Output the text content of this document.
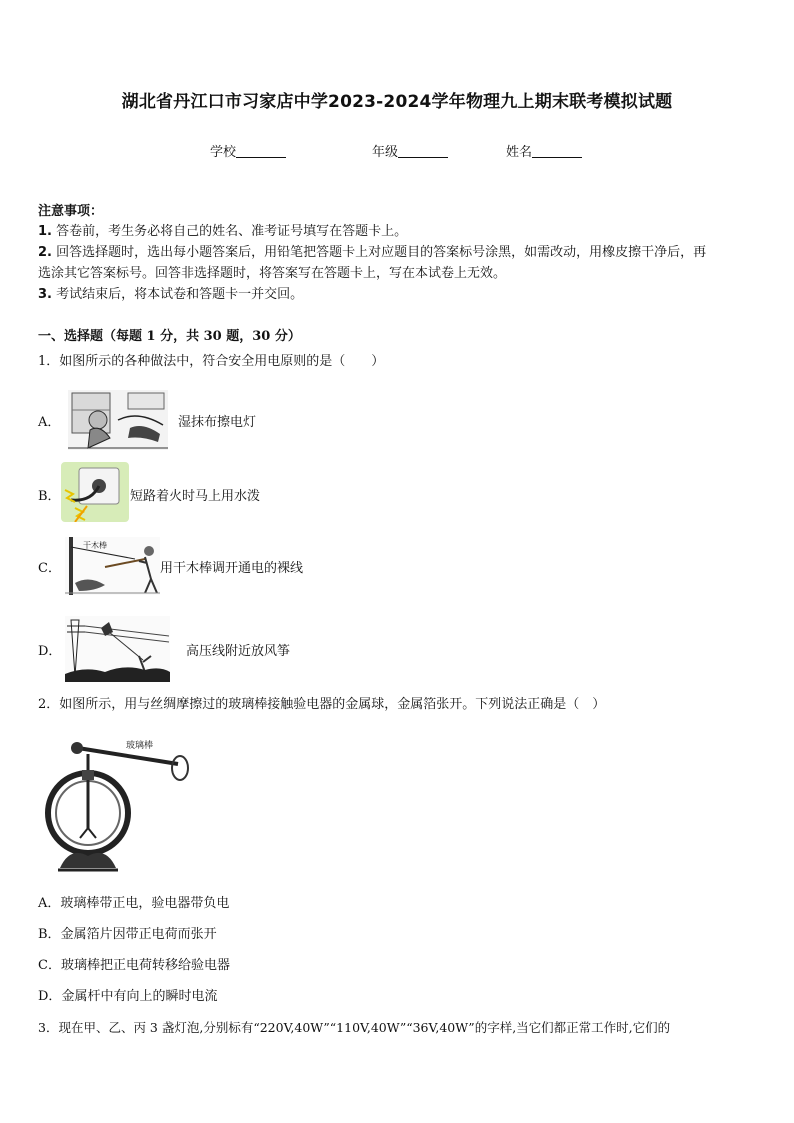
湖北省丹江口市习家店中学2023-2024学年物理九上期末联考模拟试题
学校	年级	姓名
注意事项：
1. 答卷前，考生务必将自己的姓名、准考证号填写在答题卡上。
2. 回答选择题时，选出每小题答案后，用铅笔把答题卡上对应题目的答案标号涂黑，如需改动，用橡皮擦干净后，再
选涂其它答案标号。回答非选择题时，将答案写在答题卡上，写在本试卷上无效。
3. 考试结束后，将本试卷和答题卡一并交回。
一、选择题（每题 1 分，共 30 题，30 分）
1．如图所示的各种做法中，符合安全用电原则的是（　　）
A．	湿抹布擦电灯
B．	短路着火时马上用水泼
C．
干木棒
用干木棒调开通电的裸线
D．	高压线附近放风筝
2．如图所示，用与丝绸摩擦过的玻璃棒接触验电器的金属球，金属箔张开。下列说法正确是（　）
玻璃棒
A．玻璃棒带正电，验电器带负电
B．金属箔片因带正电荷而张开
C．玻璃棒把正电荷转移给验电器
D．金属杆中有向上的瞬时电流
3．现在甲、乙、丙 3 盏灯泡,分别标有“220V,40W”“110V,40W”“36V,40W”的字样,当它们都正常工作时,它们的
